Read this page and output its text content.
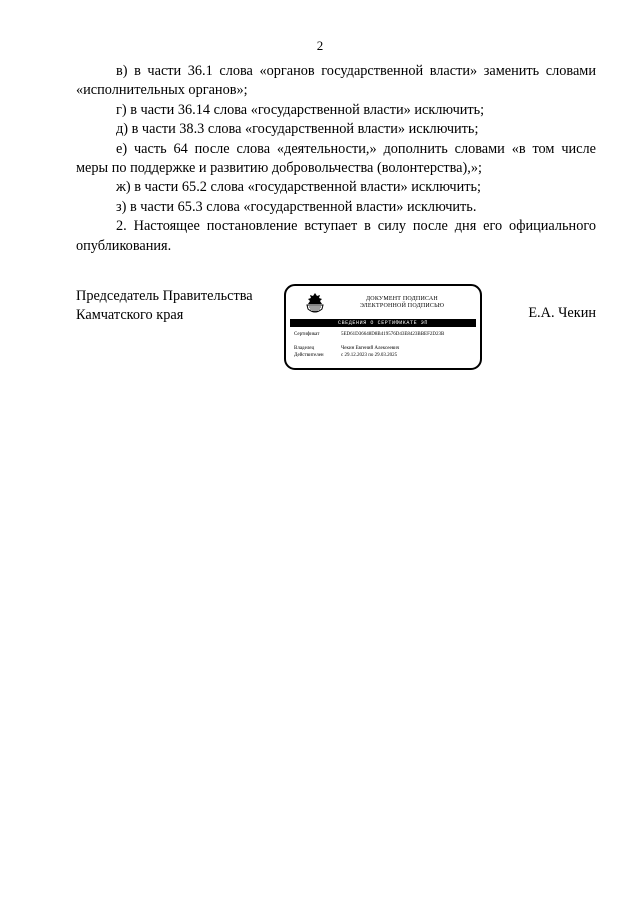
2

в) в части 36.1 слова «органов государственной власти» заменить словами «исполнительных органов»;

г) в части 36.14 слова «государственной власти» исключить;

д) в части 38.3 слова «государственной власти» исключить;

е) часть 64 после слова «деятельности,» дополнить словами «в том числе меры по поддержке и развитию добровольчества (волонтерства),»;

ж) в части 65.2 слова «государственной власти» исключить;

з) в части 65.3 слова «государственной власти» исключить.

2. Настоящее постановление вступает в силу после дня его официального опубликования.

Председатель Правительства
Камчатского края
ДОКУМЕНТ ПОДПИСАН
ЭЛЕКТРОННОЙ ПОДПИСЬЮ
СВЕДЕНИЯ О СЕРТИФИКАТЕ ЭП
Сертификат	5ED61D36648D8B419576D43E8423BBEF2D23B
Владелец	Чекин Евгений Алексеевич
Действителен	с 29.12.2023 по 29.03.2025
Е.А. Чекин
